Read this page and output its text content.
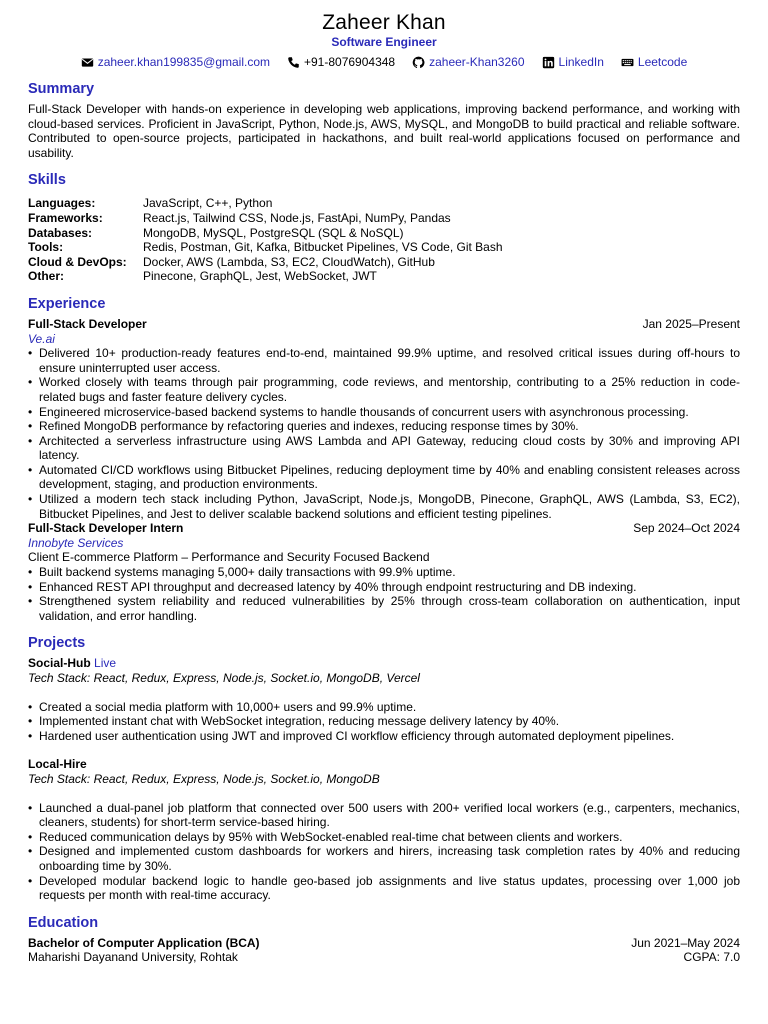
Zaheer Khan
Software Engineer
zaheer.khan199835@gmail.com	+91-8076904348	zaheer-Khan3260	LinkedIn	Leetcode
Summary

Full-Stack Developer with hands-on experience in developing web applications, improving backend performance, and working with cloud-based services. Proficient in JavaScript, Python, Node.js, AWS, MySQL, and MongoDB to build practical and reliable software. Contributed to open-source projects, participated in hackathons, and built real-world applications focused on performance and usability.

Skills
Languages:	JavaScript, C++, Python
Frameworks:	React.js, Tailwind CSS, Node.js, FastApi, NumPy, Pandas
Databases:	MongoDB, MySQL, PostgreSQL (SQL & NoSQL)
Tools:	Redis, Postman, Git, Kafka, Bitbucket Pipelines, VS Code, Git Bash
Cloud & DevOps:	Docker, AWS (Lambda, S3, EC2, CloudWatch), GitHub
Other:	Pinecone, GraphQL, Jest, WebSocket, JWT
Experience
Full-Stack Developer	Jan 2025–Present
Ve.ai
• Delivered 10+ production-ready features end-to-end, maintained 99.9% uptime, and resolved critical issues during off-hours to ensure uninterrupted user access.
• Worked closely with teams through pair programming, code reviews, and mentorship, contributing to a 25% reduction in code-related bugs and faster feature delivery cycles.
• Engineered microservice-based backend systems to handle thousands of concurrent users with asynchronous processing.
• Refined MongoDB performance by refactoring queries and indexes, reducing response times by 30%.
• Architected a serverless infrastructure using AWS Lambda and API Gateway, reducing cloud costs by 30% and improving API latency.
• Automated CI/CD workflows using Bitbucket Pipelines, reducing deployment time by 40% and enabling consistent releases across development, staging, and production environments.
• Utilized a modern tech stack including Python, JavaScript, Node.js, MongoDB, Pinecone, GraphQL, AWS (Lambda, S3, EC2), Bitbucket Pipelines, and Jest to deliver scalable backend solutions and efficient testing pipelines.
Full-Stack Developer Intern	Sep 2024–Oct 2024
Innobyte Services
Client E-commerce Platform – Performance and Security Focused Backend
• Built backend systems managing 5,000+ daily transactions with 99.9% uptime.
• Enhanced REST API throughput and decreased latency by 40% through endpoint restructuring and DB indexing.
• Strengthened system reliability and reduced vulnerabilities by 25% through cross-team collaboration on authentication, input validation, and error handling.
Projects
Social-Hub Live
Tech Stack: React, Redux, Express, Node.js, Socket.io, MongoDB, Vercel
• Created a social media platform with 10,000+ users and 99.9% uptime.
• Implemented instant chat with WebSocket integration, reducing message delivery latency by 40%.
• Hardened user authentication using JWT and improved CI workflow efficiency through automated deployment pipelines.
Local-Hire
Tech Stack: React, Redux, Express, Node.js, Socket.io, MongoDB
• Launched a dual-panel job platform that connected over 500 users with 200+ verified local workers (e.g., carpenters, mechanics, cleaners, students) for short-term service-based hiring.
• Reduced communication delays by 95% with WebSocket-enabled real-time chat between clients and workers.
• Designed and implemented custom dashboards for workers and hirers, increasing task completion rates by 40% and reducing onboarding time by 30%.
• Developed modular backend logic to handle geo-based job assignments and live status updates, processing over 1,000 job requests per month with real-time accuracy.
Education
Bachelor of Computer Application (BCA)	Jun 2021–May 2024
Maharishi Dayanand University, Rohtak	CGPA: 7.0
